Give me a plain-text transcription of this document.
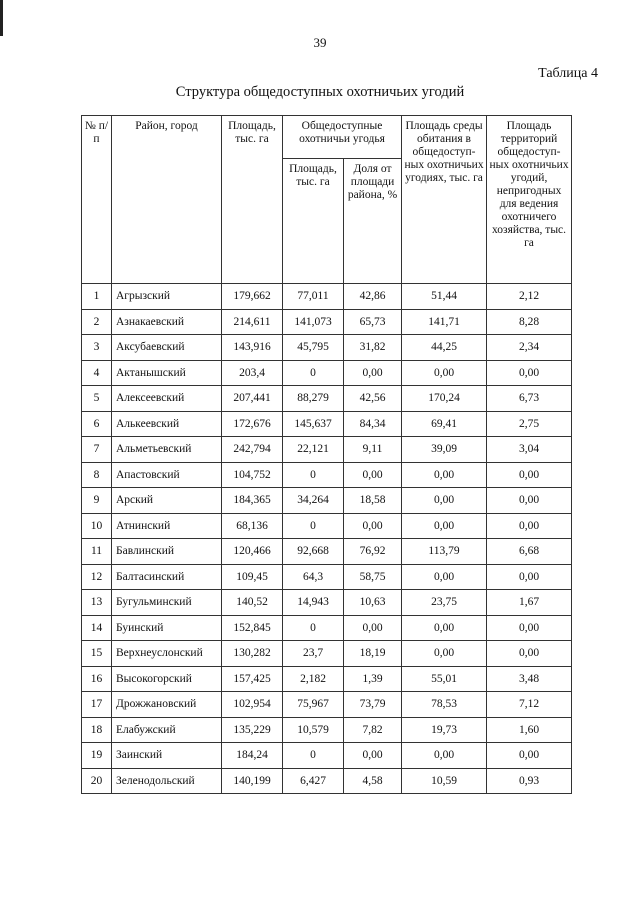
39
Таблица 4
Структура общедоступных охотничьих угодий
№ п/п	Район, город	Площадь, тыс. га	Общедоступные охотничьи угодья		Площадь среды обитания в общедоступ-ных охотничьих угодиях, тыс. га	Площадь территорий общедоступ-ных охотничьих угодий, непригодных для ведения охотничего хозяйства, тыс. га
			Площадь, тыс. га	Доля от площади района, %		
1	Агрызский	179,662	77,011	42,86	51,44	2,12
2	Азнакаевский	214,611	141,073	65,73	141,71	8,28
3	Аксубаевский	143,916	45,795	31,82	44,25	2,34
4	Актанышский	203,4	0	0,00	0,00	0,00
5	Алексеевский	207,441	88,279	42,56	170,24	6,73
6	Алькеевский	172,676	145,637	84,34	69,41	2,75
7	Альметьевский	242,794	22,121	9,11	39,09	3,04
8	Апастовский	104,752	0	0,00	0,00	0,00
9	Арский	184,365	34,264	18,58	0,00	0,00
10	Атнинский	68,136	0	0,00	0,00	0,00
11	Бавлинский	120,466	92,668	76,92	113,79	6,68
12	Балтасинский	109,45	64,3	58,75	0,00	0,00
13	Бугульминский	140,52	14,943	10,63	23,75	1,67
14	Буинский	152,845	0	0,00	0,00	0,00
15	Верхнеуслонский	130,282	23,7	18,19	0,00	0,00
16	Высокогорский	157,425	2,182	1,39	55,01	3,48
17	Дрожжановский	102,954	75,967	73,79	78,53	7,12
18	Елабужский	135,229	10,579	7,82	19,73	1,60
19	Заинский	184,24	0	0,00	0,00	0,00
20	Зеленодольский	140,199	6,427	4,58	10,59	0,93
